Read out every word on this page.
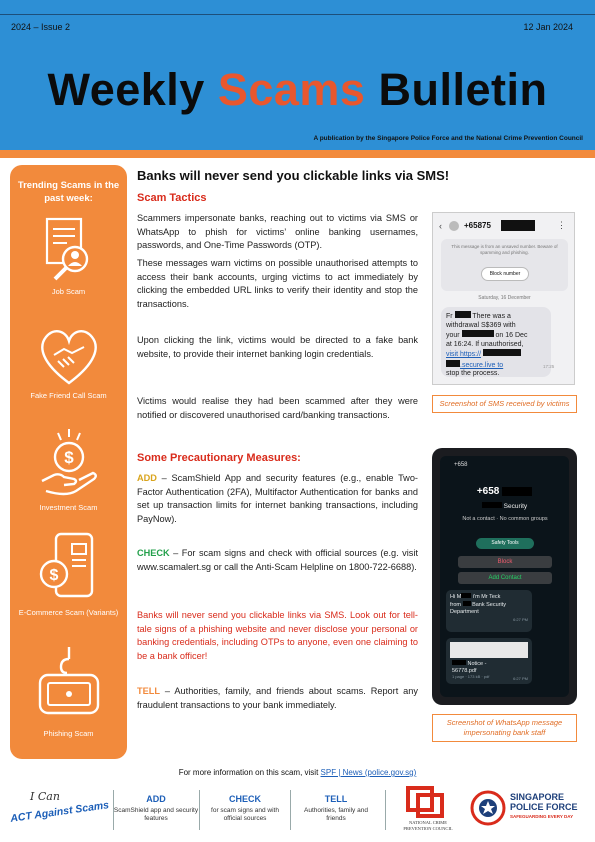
2024 – Issue 2	12 Jan 2024
Weekly Scams Bulletin
A publication by the Singapore Police Force and the National Crime Prevention Council
Trending Scams in the past week:
Job Scam
Fake Friend Call Scam
$
Investment Scam
$
E-Commerce Scam (Variants)
Phishing Scam
Banks will never send you clickable links via SMS!
Scam Tactics
Scammers impersonate banks, reaching out to victims via SMS or WhatsApp to phish for victims’ online banking usernames, passwords, and One-Time Passwords (OTP).
These messages warn victims on possible unauthorised attempts to access their bank accounts, urging victims to act immediately by clicking the embedded URL links to verify their identity and stop the transactions.
Upon clicking the link, victims would be directed to a fake bank website, to provide their internet banking login credentials.
Victims would realise they had been scammed after they were notified or discovered unauthorised card/banking transactions.
Some Precautionary Measures:
ADD – ScamShield App and security features (e.g., enable Two-Factor Authentication (2FA), Multifactor Authentication for banks and set up transaction limits for internet banking transactions, including PayNow).
CHECK – For scam signs and check with official sources (e.g. visit www.scamalert.sg or call the Anti-Scam Helpline on 1800-722-6688).
Banks will never send you clickable links via SMS. Look out for tell-tale signs of a phishing website and never disclose your personal or banking credentials, including OTPs to anyone, even one claiming to be a bank officer!
TELL – Authorities, family, and friends about scams. Report any fraudulent transactions to your bank immediately.
‹	+65875	⋮
This message is from an unsaved number. Beware of spamming and phishing.
Block number
Saturday, 16 December
Fr	There was a
withdrawal S$369 with
your	on 16 Dec
at 16:24. If unauthorised,
visit https://
.secure.live to
stop the process.
17:25
Screenshot of SMS received by victims
+658
+658
Security
Not a contact · No common groups
Safety Tools
Block
Add Contact
Hi M i'm Mr Teck
from Bank Security
Department
6:27 PM
Notice -
56778.pdf
1 page · 173 kB · pdf	6:27 PM
Screenshot of WhatsApp message impersonating bank staff
For more information on this scam, visit SPF | News (police.gov.sg)
I Can
ACT Against Scams
ADD
ScamShield app and security features
CHECK
for scam signs and with official sources
TELL
Authorities, family and friends
NATIONAL CRIME PREVENTION COUNCIL
SINGAPORE
POLICE FORCE
SAFEGUARDING EVERY DAY
